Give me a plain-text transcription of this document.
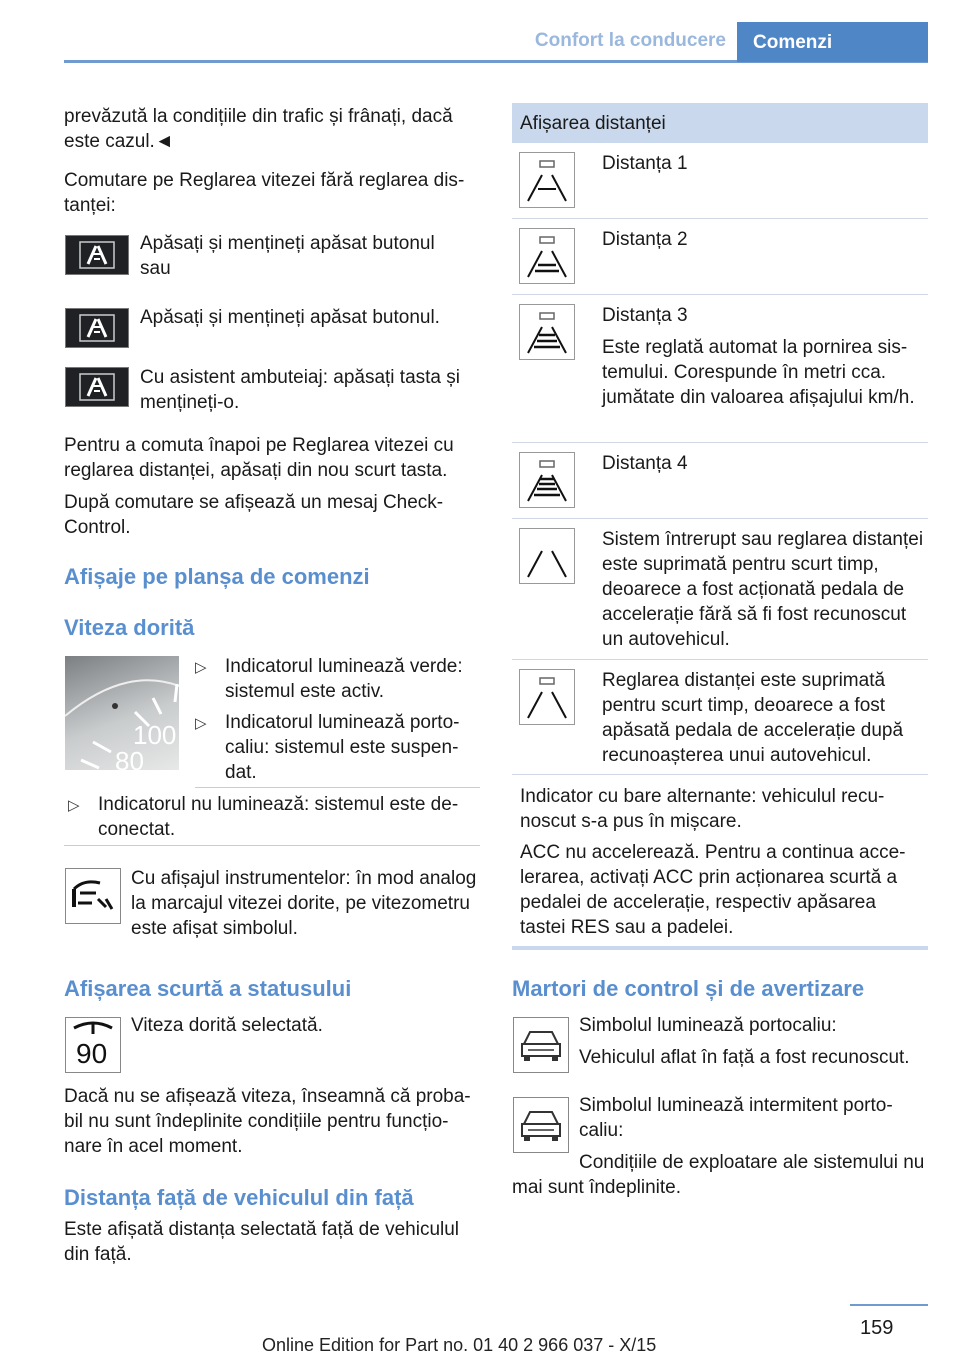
Confort la conducere Comenzi

prevăzută la condițiile din trafic și frânați, dacă este cazul.◄

Comutare pe Reglarea vitezei fără reglarea distanței:

Apăsați și mențineți apăsat butonul sau

Apăsați și mențineți apăsat butonul.

Cu asistent ambuteiaj: apăsați tasta și mențineți-o.

Pentru a comuta înapoi pe Reglarea vitezei cu reglarea distanței, apăsați din nou scurt tasta.

După comutare se afișează un mesaj Check-Control.

Afișaje pe planșa de comenzi
Viteza dorită
100
80
▷ Indicatorul luminează verde: sistemul este activ.

▷ Indicatorul luminează portocaliu: sistemul este suspendat.

▷ Indicatorul nu luminează: sistemul este deconectat.

Cu afișajul instrumentelor: în mod analog la marcajul vitezei dorite, pe vitezometru este afișat simbolul.

Afișarea scurtă a statusului
90

Viteza dorită selectată.

Dacă nu se afișează viteza, înseamnă că probabil nu sunt îndeplinite condițiile pentru funcționare în acel moment.

Distanța față de vehiculul din față

Este afișată distanța selectată față de vehiculul din față.

Afișarea distanței

Distanța 1

Distanța 2

Distanța 3

Este reglată automat la pornirea sistemului. Corespunde în metri cca. jumătate din valoarea afișajului km/h.

Distanța 4

Sistem întrerupt sau reglarea distanței este suprimată pentru scurt timp, deoarece a fost acționată pedala de accelerație fără să fi fost recunoscut un autovehicul.

Reglarea distanței este suprimată pentru scurt timp, deoarece a fost apăsată pedala de accelerație după recunoașterea unui autovehicul.

Indicator cu bare alternante: vehiculul recunoscut s-a pus în mișcare.

ACC nu accelerează. Pentru a continua accelerarea, activați ACC prin acționarea scurtă a pedalei de accelerație, respectiv apăsarea tastei RES sau a padelei.

Martori de control și de avertizare

Simbolul luminează portocaliu:

Vehiculul aflat în față a fost recunoscut.

Simbolul luminează intermitent portocaliu:

Condițiile de exploatare ale sistemului nu mai sunt îndeplinite.

159
Online Edition for Part no. 01 40 2 966 037 - X/15
